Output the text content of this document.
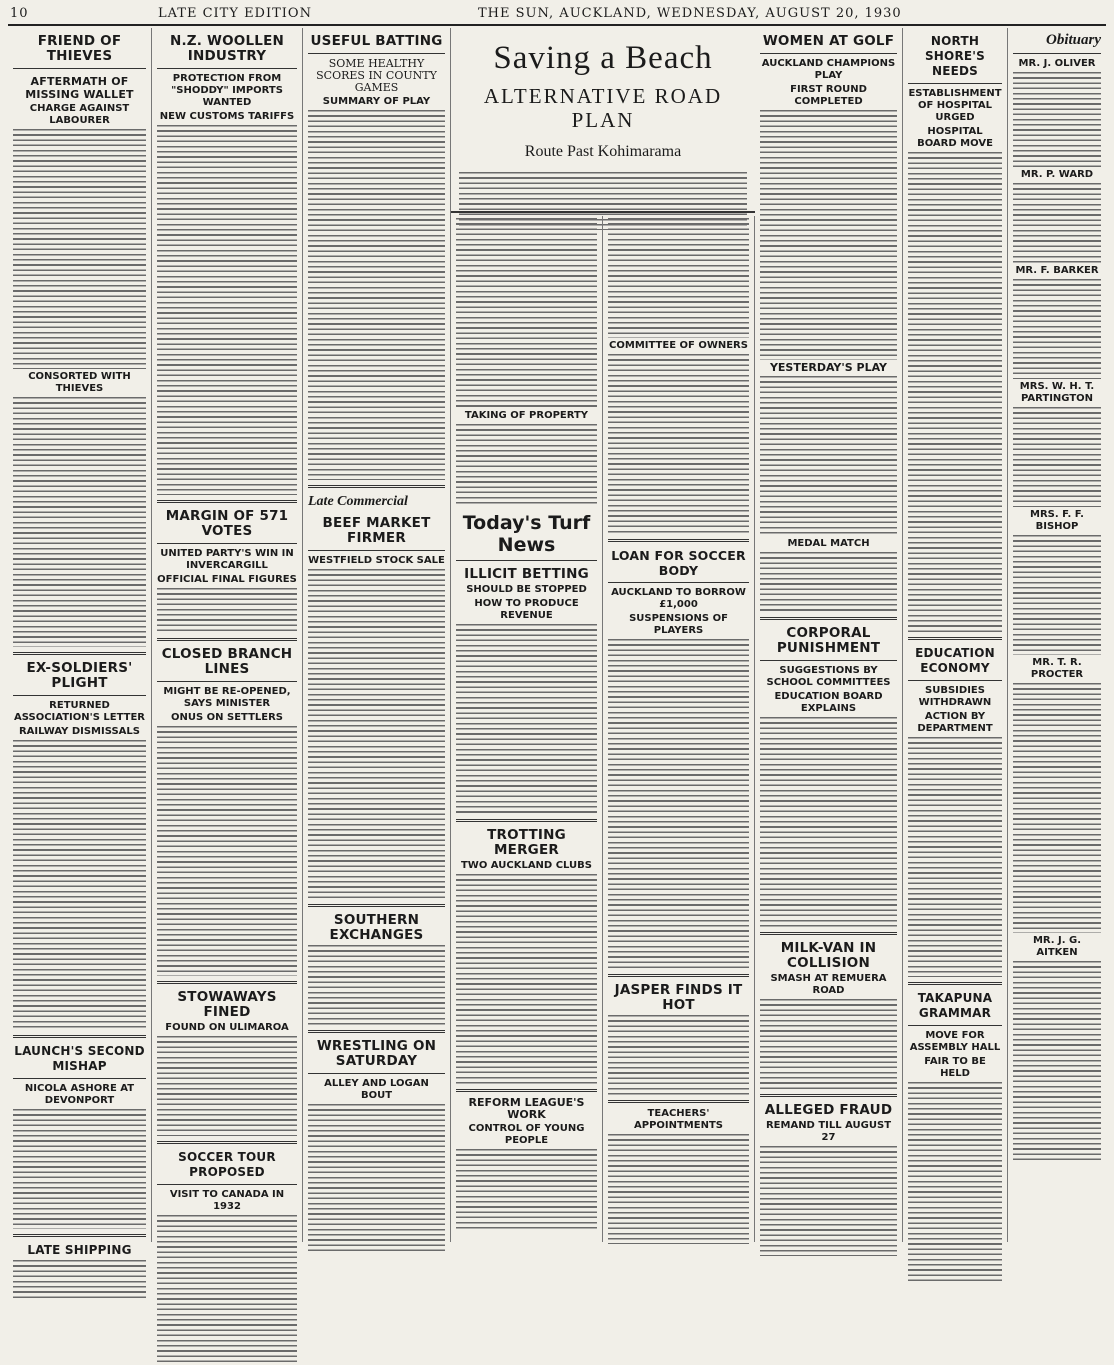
10	LATE CITY EDITION	THE SUN, AUCKLAND, WEDNESDAY, AUGUST 20, 1930
FRIEND OF THIEVES
AFTERMATH OF MISSING WALLET
CHARGE AGAINST LABOURER
CONSORTED WITH THIEVES
EX-SOLDIERS' PLIGHT
RETURNED ASSOCIATION'S LETTER
RAILWAY DISMISSALS
LAUNCH'S SECOND MISHAP
NICOLA ASHORE AT DEVONPORT
LATE SHIPPING
N.Z. WOOLLEN INDUSTRY
PROTECTION FROM "SHODDY" IMPORTS WANTED
NEW CUSTOMS TARIFFS
MARGIN OF 571 VOTES
UNITED PARTY'S WIN IN INVERCARGILL
OFFICIAL FINAL FIGURES
CLOSED BRANCH LINES
MIGHT BE RE-OPENED, SAYS MINISTER
ONUS ON SETTLERS
STOWAWAYS FINED
FOUND ON ULIMAROA
SOCCER TOUR PROPOSED
VISIT TO CANADA IN 1932
USEFUL BATTING
SOME HEALTHY SCORES IN COUNTY GAMES
SUMMARY OF PLAY
Late Commercial
BEEF MARKET FIRMER
WESTFIELD STOCK SALE
SOUTHERN EXCHANGES
WRESTLING ON SATURDAY
ALLEY AND LOGAN BOUT
Saving a Beach
ALTERNATIVE ROAD PLAN
Route Past Kohimarama
TAKING OF PROPERTY
Today's Turf News
ILLICIT BETTING
SHOULD BE STOPPED
HOW TO PRODUCE REVENUE
TROTTING MERGER
TWO AUCKLAND CLUBS
REFORM LEAGUE'S WORK
CONTROL OF YOUNG PEOPLE
COMMITTEE OF OWNERS
LOAN FOR SOCCER BODY
AUCKLAND TO BORROW £1,000
SUSPENSIONS OF PLAYERS
JASPER FINDS IT HOT
TEACHERS' APPOINTMENTS
WOMEN AT GOLF
AUCKLAND CHAMPIONS PLAY
FIRST ROUND COMPLETED
YESTERDAY'S PLAY
MEDAL MATCH
CORPORAL PUNISHMENT
SUGGESTIONS BY SCHOOL COMMITTEES
EDUCATION BOARD EXPLAINS
MILK-VAN IN COLLISION
SMASH AT REMUERA ROAD
ALLEGED FRAUD
REMAND TILL AUGUST 27
NORTH SHORE'S NEEDS
ESTABLISHMENT OF HOSPITAL URGED
HOSPITAL BOARD MOVE
EDUCATION ECONOMY
SUBSIDIES WITHDRAWN
ACTION BY DEPARTMENT
TAKAPUNA GRAMMAR
MOVE FOR ASSEMBLY HALL
FAIR TO BE HELD
Obituary
MR. J. OLIVER
MR. P. WARD
MR. F. BARKER
MRS. W. H. T. PARTINGTON
MRS. F. F. BISHOP
MR. T. R. PROCTER
MR. J. G. AITKEN
